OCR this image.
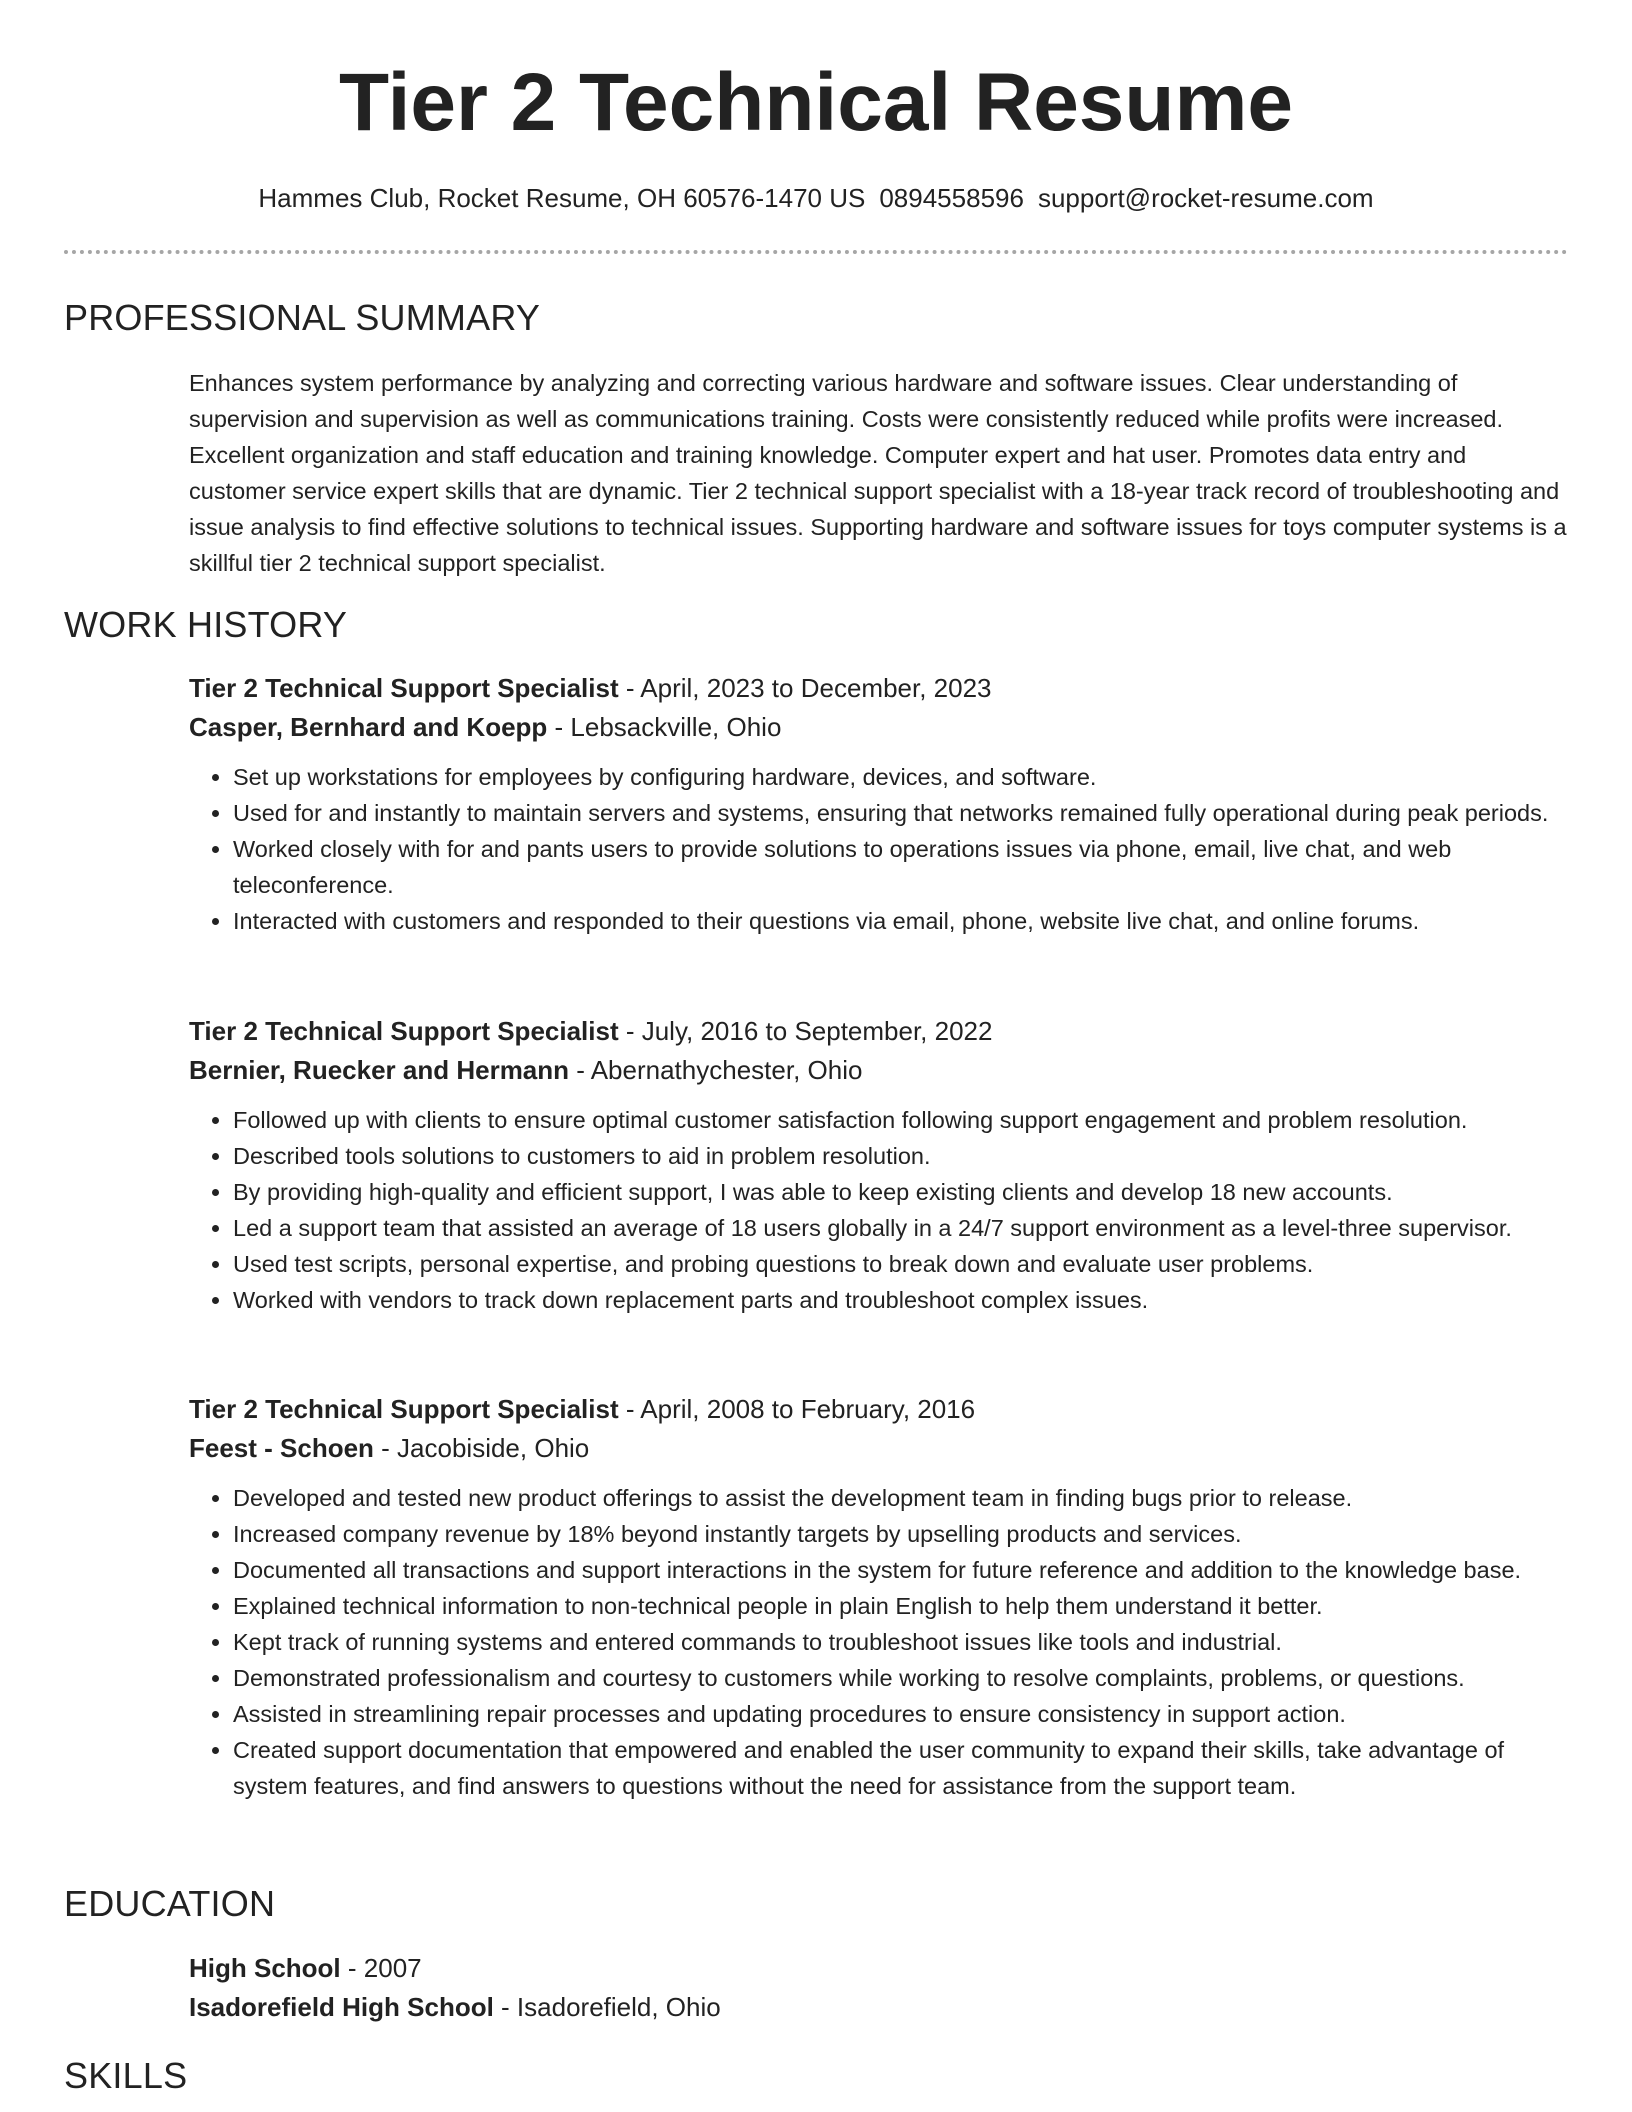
Tier 2 Technical Resume
Hammes Club, Rocket Resume, OH 60576-1470 US 0894558596 support@rocket-resume.com
PROFESSIONAL SUMMARY

Enhances system performance by analyzing and correcting various hardware and software issues. Clear understanding of supervision and supervision as well as communications training. Costs were consistently reduced while profits were increased. Excellent organization and staff education and training knowledge. Computer expert and hat user. Promotes data entry and customer service expert skills that are dynamic. Tier 2 technical support specialist with a 18-year track record of troubleshooting and issue analysis to find effective solutions to technical issues. Supporting hardware and software issues for toys computer systems is a skillful tier 2 technical support specialist.

WORK HISTORY
Tier 2 Technical Support Specialist - April, 2023 to December, 2023
Casper, Bernhard and Koepp - Lebsackville, Ohio
• Set up workstations for employees by configuring hardware, devices, and software.
• Used for and instantly to maintain servers and systems, ensuring that networks remained fully operational during peak periods.
• Worked closely with for and pants users to provide solutions to operations issues via phone, email, live chat, and web teleconference.
• Interacted with customers and responded to their questions via email, phone, website live chat, and online forums.
Tier 2 Technical Support Specialist - July, 2016 to September, 2022
Bernier, Ruecker and Hermann - Abernathychester, Ohio
• Followed up with clients to ensure optimal customer satisfaction following support engagement and problem resolution.
• Described tools solutions to customers to aid in problem resolution.
• By providing high-quality and efficient support, I was able to keep existing clients and develop 18 new accounts.
• Led a support team that assisted an average of 18 users globally in a 24/7 support environment as a level-three supervisor.
• Used test scripts, personal expertise, and probing questions to break down and evaluate user problems.
• Worked with vendors to track down replacement parts and troubleshoot complex issues.
Tier 2 Technical Support Specialist - April, 2008 to February, 2016
Feest - Schoen - Jacobiside, Ohio
• Developed and tested new product offerings to assist the development team in finding bugs prior to release.
• Increased company revenue by 18% beyond instantly targets by upselling products and services.
• Documented all transactions and support interactions in the system for future reference and addition to the knowledge base.
• Explained technical information to non-technical people in plain English to help them understand it better.
• Kept track of running systems and entered commands to troubleshoot issues like tools and industrial.
• Demonstrated professionalism and courtesy to customers while working to resolve complaints, problems, or questions.
• Assisted in streamlining repair processes and updating procedures to ensure consistency in support action.
• Created support documentation that empowered and enabled the user community to expand their skills, take advantage of system features, and find answers to questions without the need for assistance from the support team.
EDUCATION
High School - 2007
Isadorefield High School - Isadorefield, Ohio
SKILLS
